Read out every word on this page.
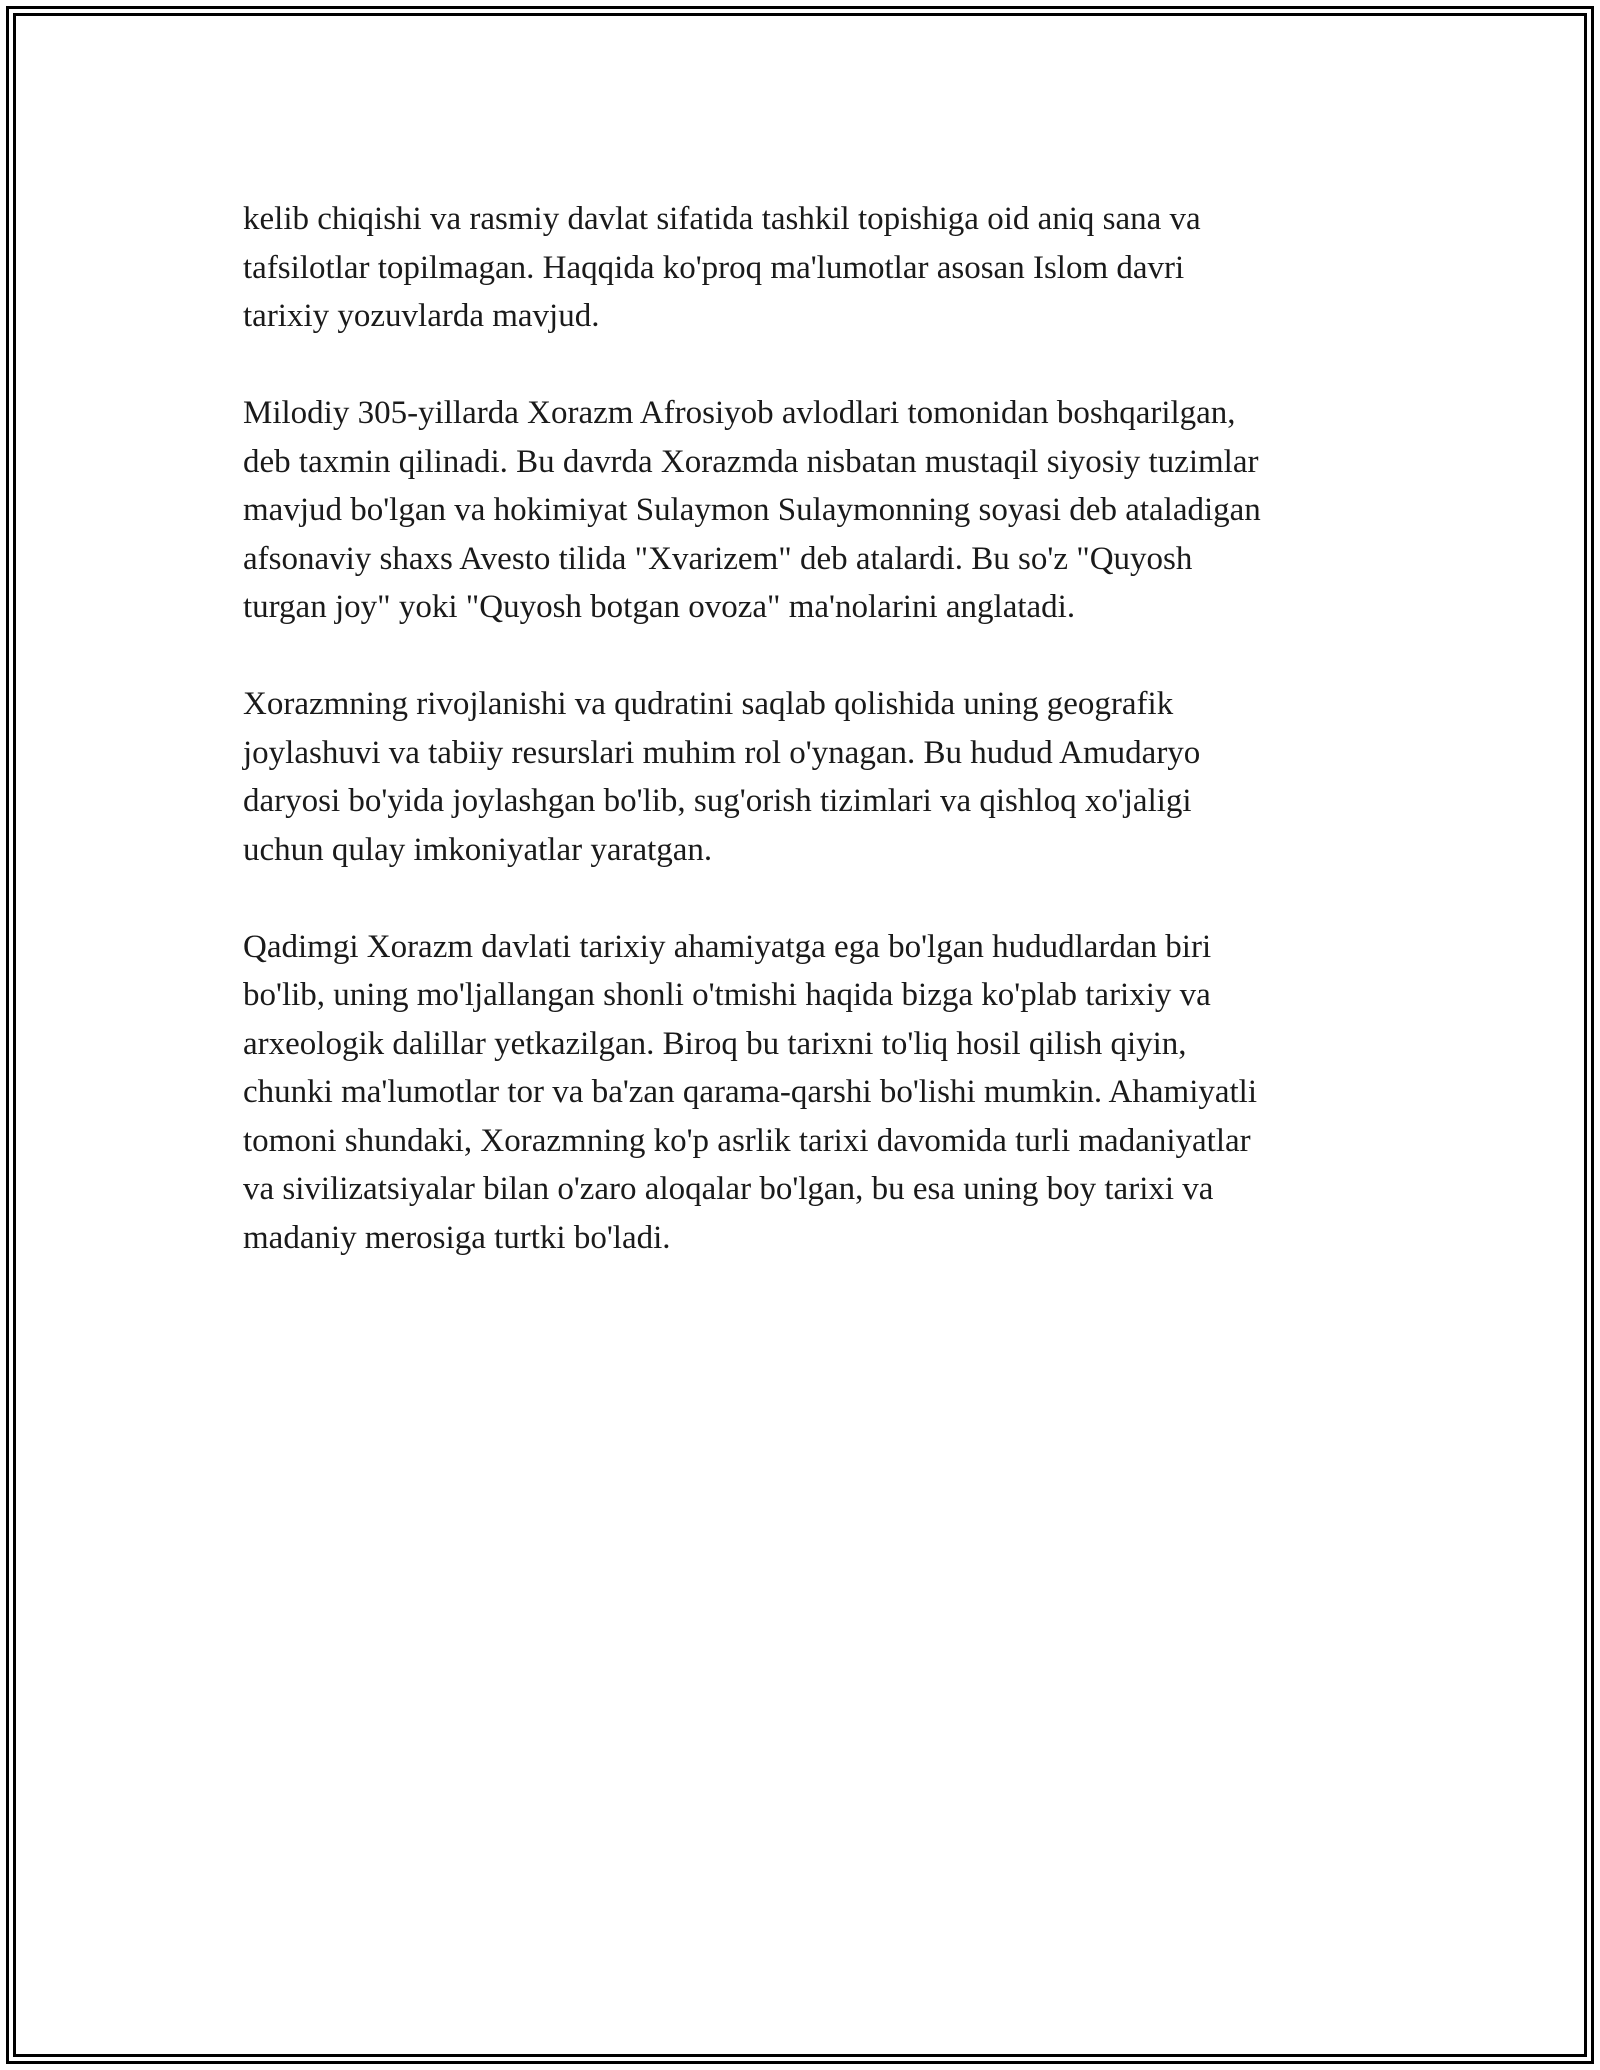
kelib chiqishi va rasmiy davlat sifatida tashkil topishiga oid aniq sana va
tafsilotlar topilmagan. Haqqida ko'proq ma'lumotlar asosan Islom davri
tarixiy yozuvlarda mavjud.

Milodiy 305-yillarda Xorazm Afrosiyob avlodlari tomonidan boshqarilgan,
deb taxmin qilinadi. Bu davrda Xorazmda nisbatan mustaqil siyosiy tuzimlar
mavjud bo'lgan va hokimiyat Sulaymon Sulaymonning soyasi deb ataladigan
afsonaviy shaxs Avesto tilida "Xvarizem" deb atalardi. Bu so'z "Quyosh
turgan joy" yoki "Quyosh botgan ovoza" ma'nolarini anglatadi.

Xorazmning rivojlanishi va qudratini saqlab qolishida uning geografik
joylashuvi va tabiiy resurslari muhim rol o'ynagan. Bu hudud Amudaryo
daryosi bo'yida joylashgan bo'lib, sug'orish tizimlari va qishloq xo'jaligi
uchun qulay imkoniyatlar yaratgan.

Qadimgi Xorazm davlati tarixiy ahamiyatga ega bo'lgan hududlardan biri
bo'lib, uning mo'ljallangan shonli o'tmishi haqida bizga ko'plab tarixiy va
arxeologik dalillar yetkazilgan. Biroq bu tarixni to'liq hosil qilish qiyin,
chunki ma'lumotlar tor va ba'zan qarama-qarshi bo'lishi mumkin. Ahamiyatli
tomoni shundaki, Xorazmning ko'p asrlik tarixi davomida turli madaniyatlar
va sivilizatsiyalar bilan o'zaro aloqalar bo'lgan, bu esa uning boy tarixi va
madaniy merosiga turtki bo'ladi.
